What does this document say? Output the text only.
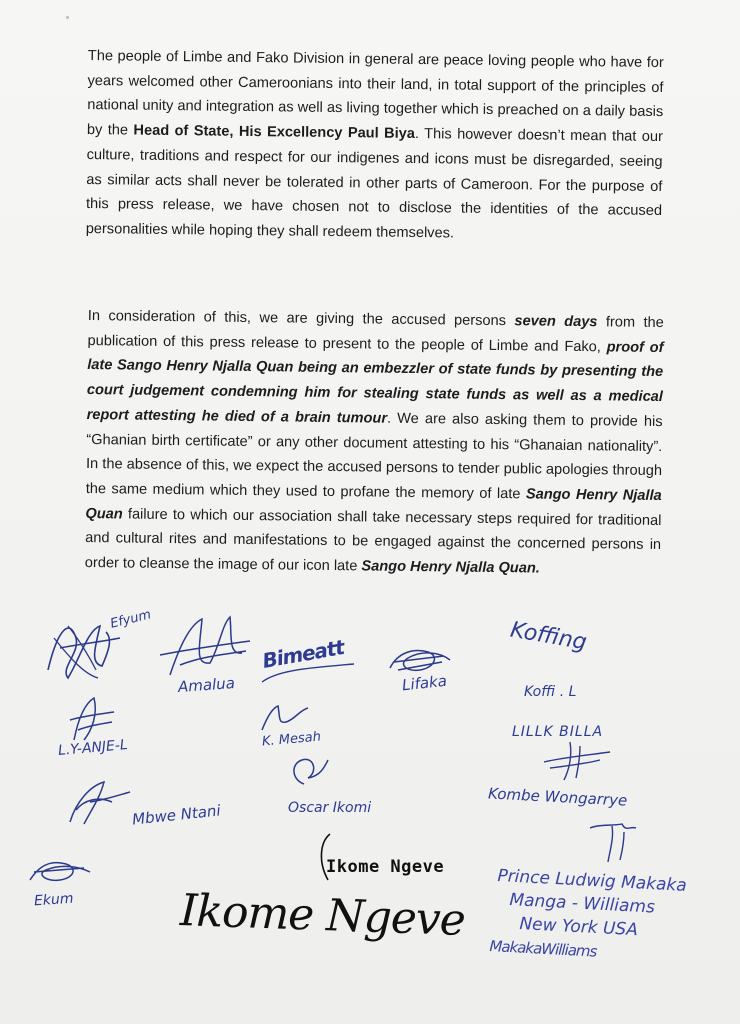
The people of Limbe and Fako Division in general are peace loving people who have for years welcomed other Cameroonians into their land, in total support of the principles of national unity and integration as well as living together which is preached on a daily basis by the Head of State, His Excellency Paul Biya. This however doesn’t mean that our culture, traditions and respect for our indigenes and icons must be disregarded, seeing as similar acts shall never be tolerated in other parts of Cameroon. For the purpose of this press release, we have chosen not to disclose the identities of the accused personalities while hoping they shall redeem themselves.

In consideration of this, we are giving the accused persons seven days from the publication of this press release to present to the people of Limbe and Fako, proof of late Sango Henry Njalla Quan being an embezzler of state funds by presenting the court judgement condemning him for stealing state funds as well as a medical report attesting he died of a brain tumour. We are also asking them to provide his “Ghanian birth certificate” or any other document attesting to his “Ghanaian nationality”. In the absence of this, we expect the accused persons to tender public apologies through the same medium which they used to profane the memory of late Sango Henry Njalla Quan failure to which our association shall take necessary steps required for traditional and cultural rites and manifestations to be engaged against the concerned persons in order to cleanse the image of our icon late Sango Henry Njalla Quan.

Efyum
Amalua
Bimeatt
Lifaka
Koffing
Koffi . L
LILLK BILLA
L.Y-ANJE-L	K. Mesah
Mbwe Ntani	Oscar Ikomi	Kombe Wongarrye
Ekum
Ikome Ngeve
Ikome Ngeve
Prince Ludwig Makaka
Manga - Williams
New York USA
MakakaWilliams
